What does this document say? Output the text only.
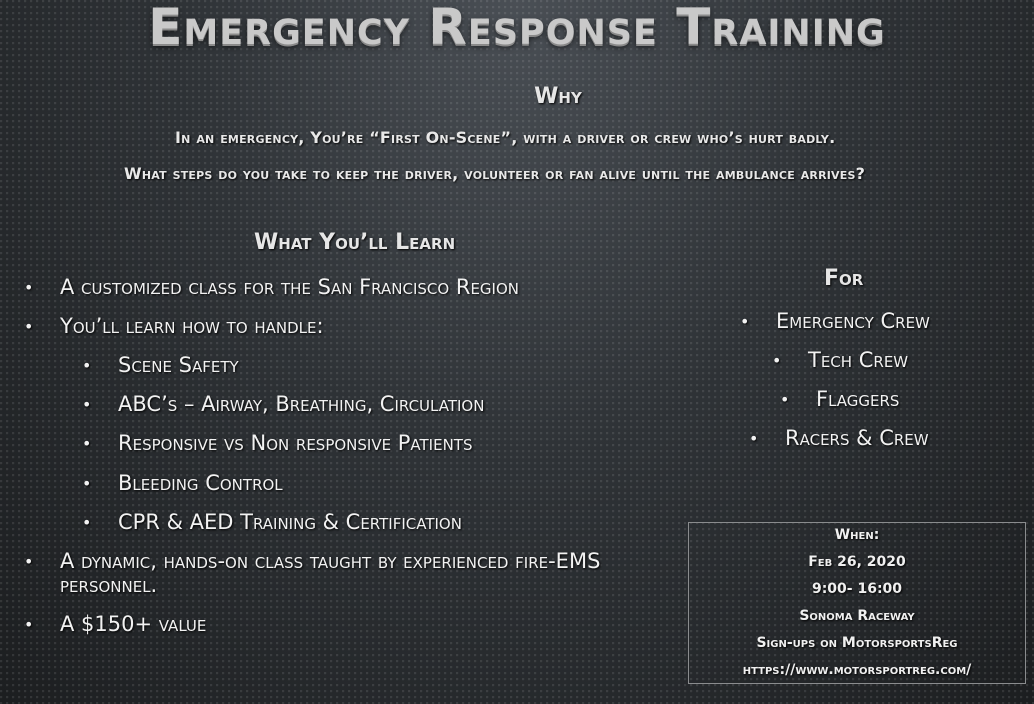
Emergency Response Training
Why
In an emergency, You’re “First On-Scene”, with a driver or crew who’s hurt badly.
What steps do you take to keep the driver, volunteer or fan alive until the ambulance arrives?
What You’ll Learn
• A customized class for the San Francisco Region
• You’ll learn how to handle:
• Scene Safety
• ABC’s – Airway, Breathing, Circulation
• Responsive vs Non responsive Patients
• Bleeding Control
• CPR & AED Training & Certification
• A dynamic, hands-on class taught by experienced fire-EMS
personnel.
• A $150+ value
For
• Emergency Crew
• Tech Crew
• Flaggers
• Racers & Crew
When:
Feb 26, 2020
9:00- 16:00
Sonoma Raceway
Sign-ups on MotorsportsReg
https://www.motorsportreg.com/
